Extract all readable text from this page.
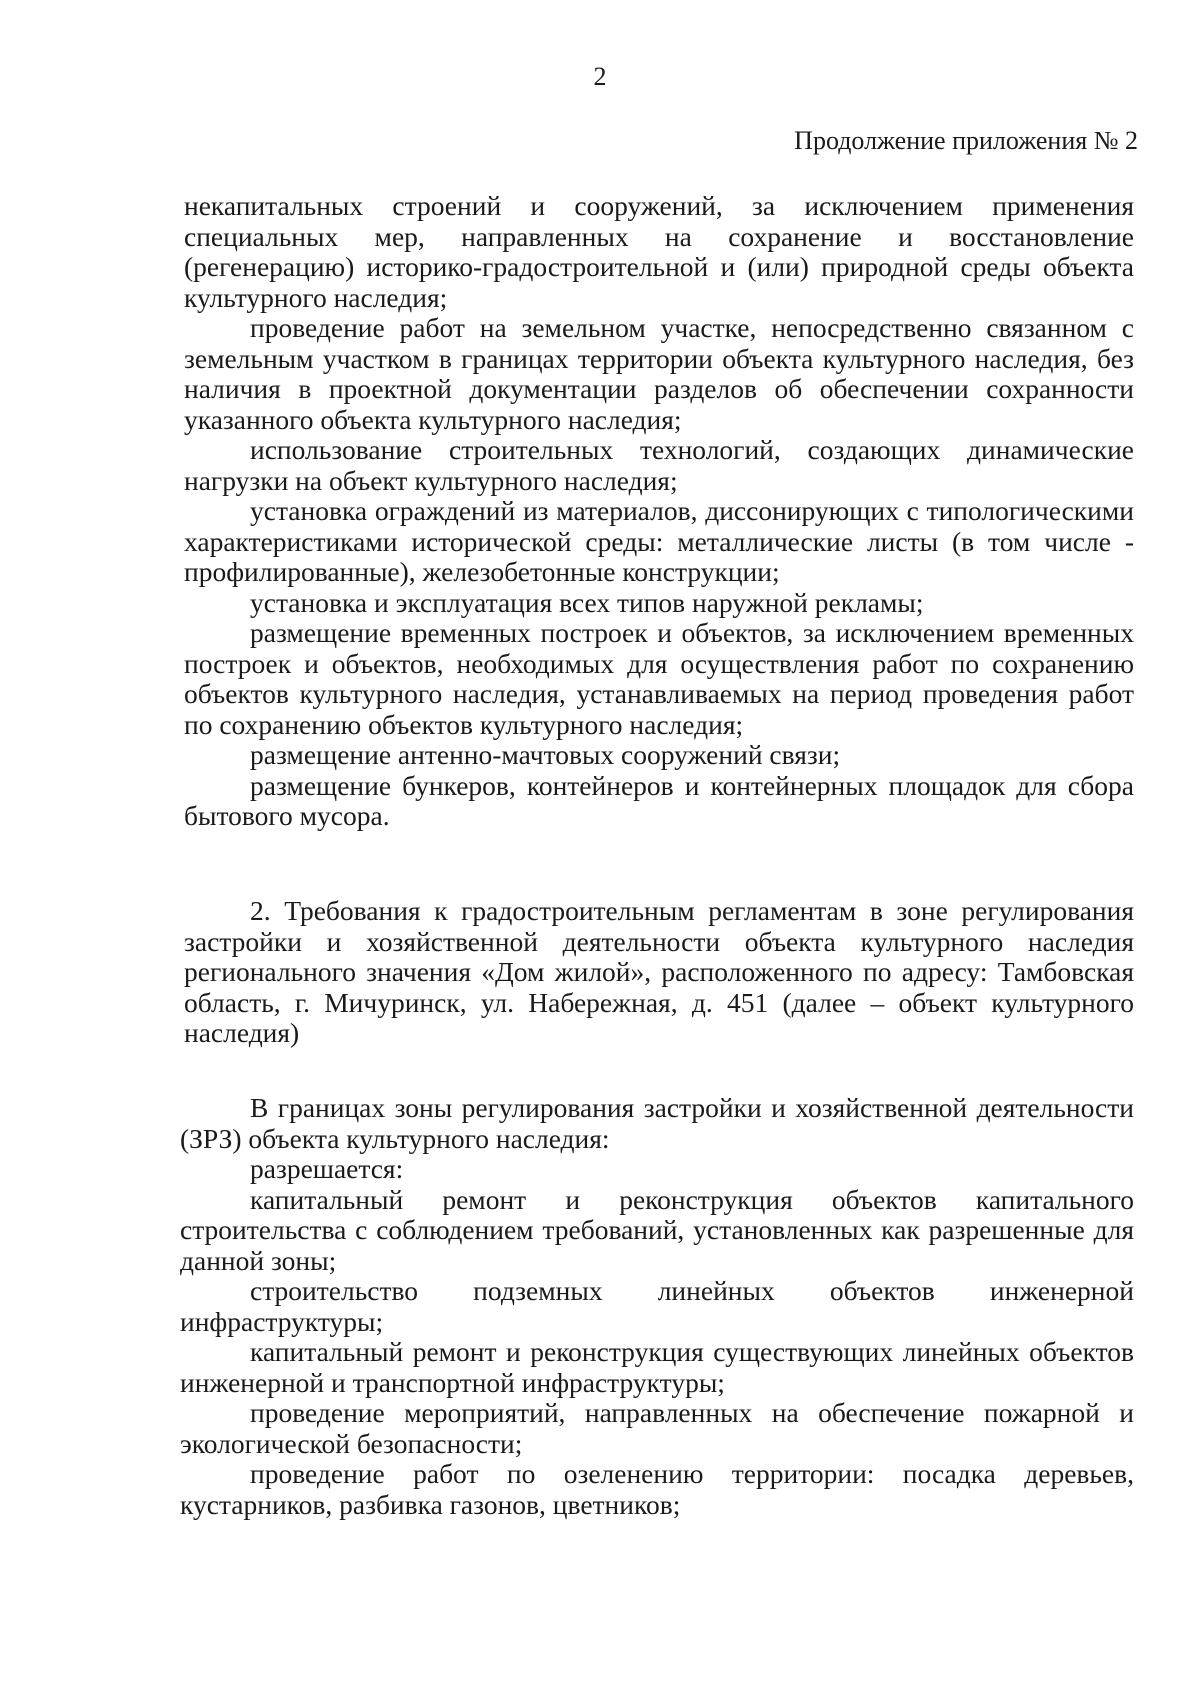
2
Продолжение приложения № 2

некапитальных строений и сооружений, за исключением применения специальных мер, направленных на сохранение и восстановление (регенерацию) историко-градостроительной и (или) природной среды объекта культурного наследия;

проведение работ на земельном участке, непосредственно связанном с земельным участком в границах территории объекта культурного наследия, без наличия в проектной документации разделов об обеспечении сохранности указанного объекта культурного наследия;

использование строительных технологий, создающих динамические нагрузки на объект культурного наследия;

установка ограждений из материалов, диссонирующих с типологическими характеристиками исторической среды: металлические листы (в том числе - профилированные), железобетонные конструкции;

установка и эксплуатация всех типов наружной рекламы;

размещение временных построек и объектов, за исключением временных построек и объектов, необходимых для осуществления работ по сохранению объектов культурного наследия, устанавливаемых на период проведения работ по сохранению объектов культурного наследия;

размещение антенно-мачтовых сооружений связи;

размещение бункеров, контейнеров и контейнерных площадок для сбора бытового мусора.

2. Требования к градостроительным регламентам в зоне регулирования застройки и хозяйственной деятельности объекта культурного наследия регионального значения «Дом жилой», расположенного по адресу: Тамбовская область, г. Мичуринск, ул. Набережная, д. 451 (далее – объект культурного наследия)

В границах зоны регулирования застройки и хозяйственной деятельности (ЗРЗ) объекта культурного наследия:

разрешается:

капитальный ремонт и реконструкция объектов капитального строительства с соблюдением требований, установленных как разрешенные для данной зоны;

строительство подземных линейных объектов инженерной инфраструктуры;

капитальный ремонт и реконструкция существующих линейных объектов инженерной и транспортной инфраструктуры;

проведение мероприятий, направленных на обеспечение пожарной и экологической безопасности;

проведение работ по озеленению территории: посадка деревьев, кустарников, разбивка газонов, цветников;
